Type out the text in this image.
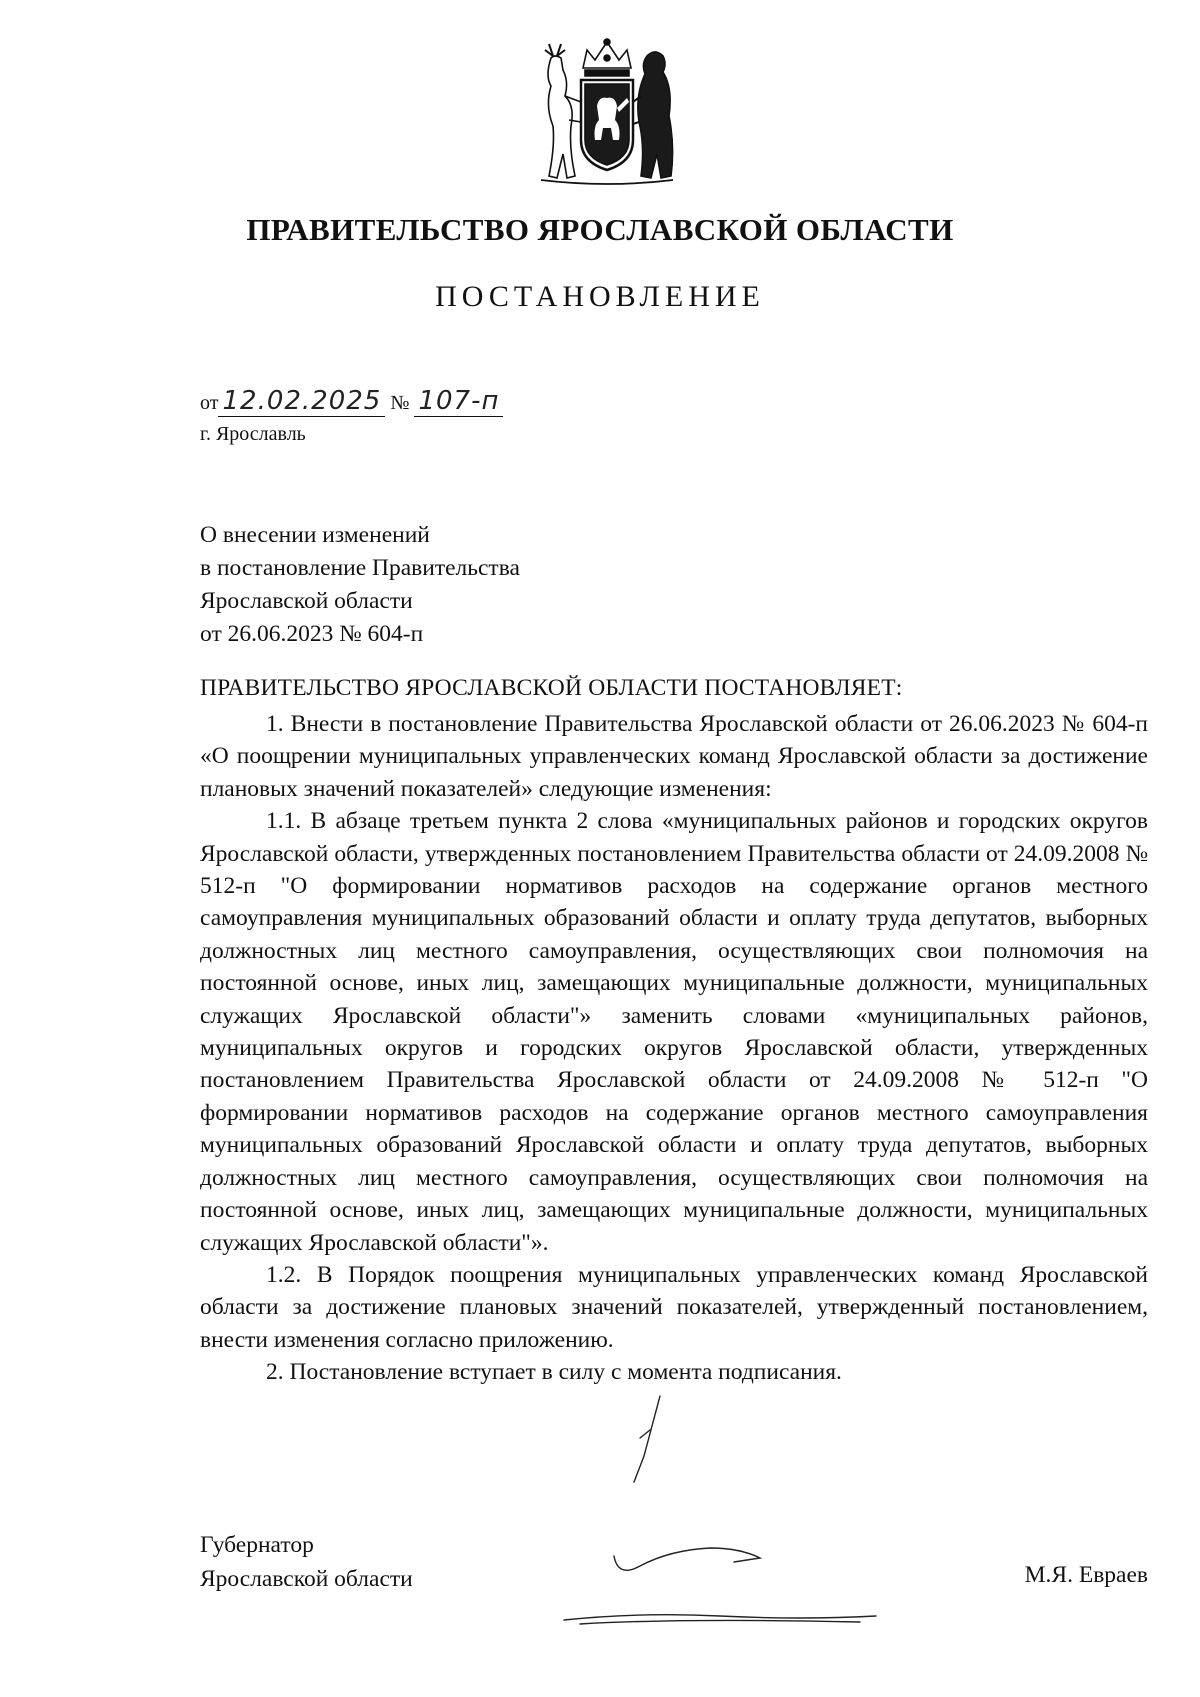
ПРАВИТЕЛЬСТВО ЯРОСЛАВСКОЙ ОБЛАСТИ
ПОСТАНОВЛЕНИЕ
от 12.02.2025 № 107-п
г. Ярославль
О внесении изменений
в постановление Правительства
Ярославской области
от 26.06.2023 № 604-п
ПРАВИТЕЛЬСТВО ЯРОСЛАВСКОЙ ОБЛАСТИ ПОСТАНОВЛЯЕТ:

1. Внести в постановление Правительства Ярославской области от 26.06.2023 № 604-п «О поощрении муниципальных управленческих команд Ярославской области за достижение плановых значений показателей» следующие изменения:

1.1. В абзаце третьем пункта 2 слова «муниципальных районов и городских округов Ярославской области, утвержденных постановлением Правительства области от 24.09.2008 № 512-п "О формировании нормативов расходов на содержание органов местного самоуправления муниципальных образований области и оплату труда депутатов, выборных должностных лиц местного самоуправления, осуществляющих свои полномочия на постоянной основе, иных лиц, замещающих муниципальные должности, муниципальных служащих Ярославской области"» заменить словами «муниципальных районов, муниципальных округов и городских округов Ярославской области, утвержденных постановлением Правительства Ярославской области от 24.09.2008 № 512-п "О формировании нормативов расходов на содержание органов местного самоуправления муниципальных образований Ярославской области и оплату труда депутатов, выборных должностных лиц местного самоуправления, осуществляющих свои полномочия на постоянной основе, иных лиц, замещающих муниципальные должности, муниципальных служащих Ярославской области"».

1.2. В Порядок поощрения муниципальных управленческих команд Ярославской области за достижение плановых значений показателей, утвержденный постановлением, внести изменения согласно приложению.

2. Постановление вступает в силу с момента подписания.

Губернатор
Ярославской области	М.Я. Евраев
